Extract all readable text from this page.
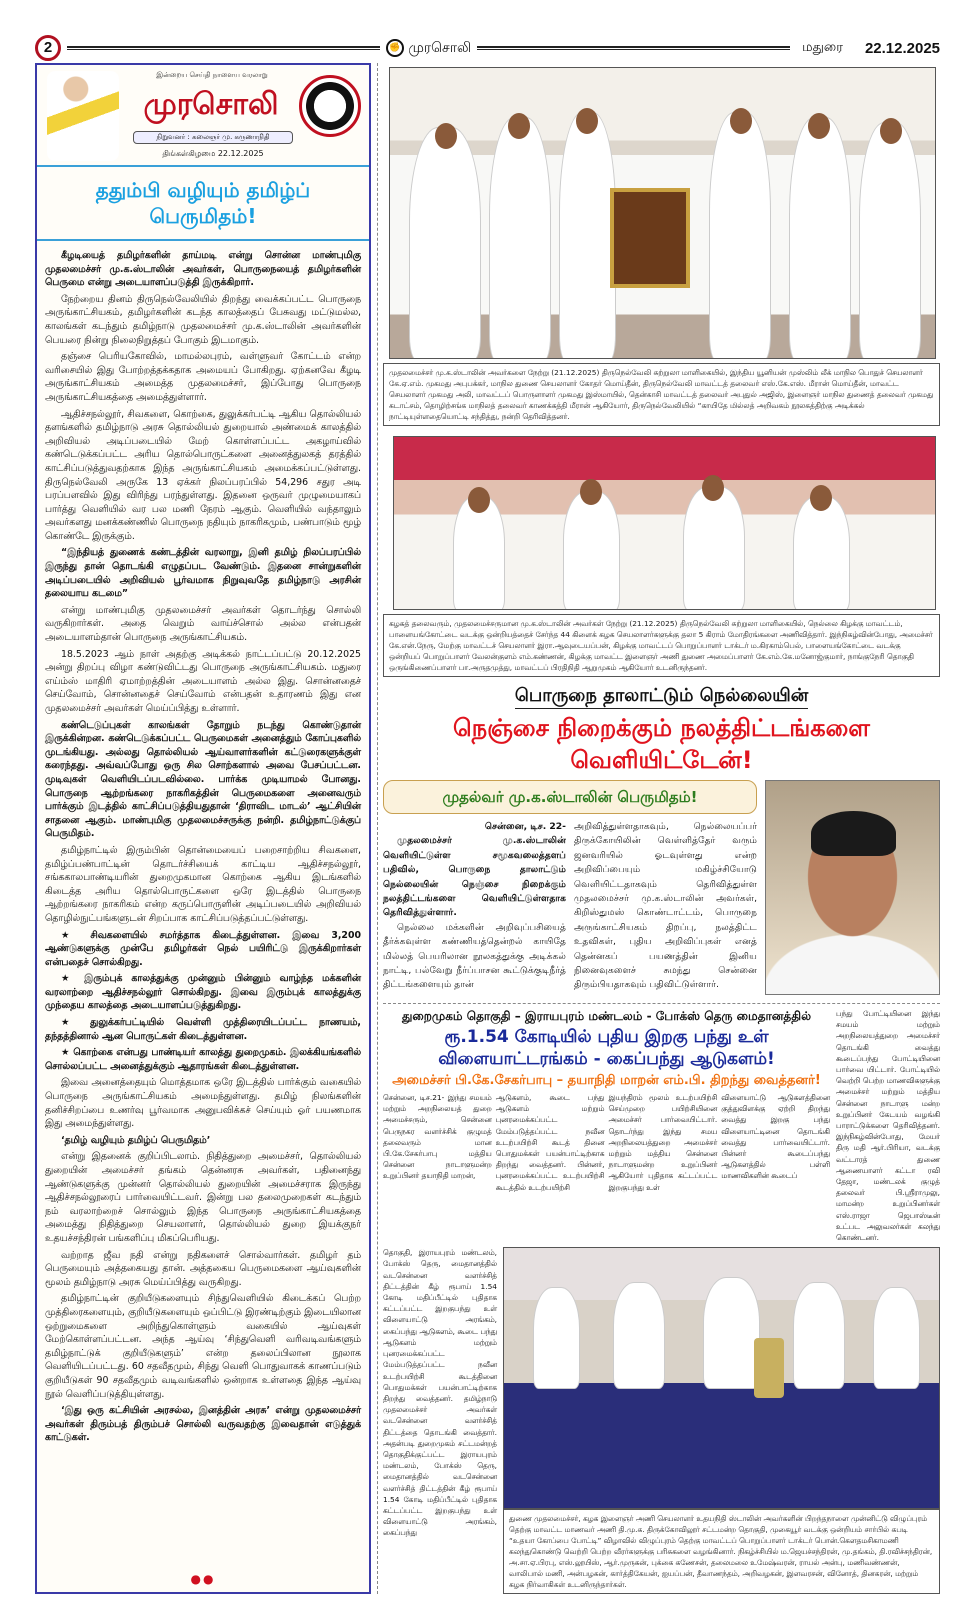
2	✊ முரசொலி	மதுரை 22.12.2025
இன்றைய செய்தி நாளைய வரலாறு
முரசொலி
நிறுவனர் : கலைஞர் மு. கருணாநிதி
திங்கள்கிழமை 22.12.2025
ததும்பி வழியும் தமிழ்ப் பெருமிதம்!

கீழடியைத் தமிழர்களின் தாய்மடி என்று சொன்ன மாண்புமிகு முதலமைச்சர் மு.க.ஸ்டாலின் அவர்கள், பொருநையைத் தமிழர்களின் பெருமை என்று அடையாளப்படுத்தி இருக்கிறார்.

நேற்றைய தினம் திருநெல்வேலியில் திறந்து வைக்கப்பட்ட பொருநை அருங்காட்சியகம், தமிழர்களின் கடந்த காலத்தைப் பேசுவது மட்டுமல்ல, காலங்கள் கடந்தும் தமிழ்நாடு முதலமைச்சர் மு.க.ஸ்டாலின் அவர்களின் பெயரை நின்று நிலைநிறுத்தப் போகும் இடமாகும்.

தஞ்சை பெரியகோவில், மாமல்லபுரம், வள்ளுவர் கோட்டம் என்ற வரிசையில் இது போற்றத்தக்கதாக அமையப் போகிறது. ஏற்கனவே கீழடி அருங்காட்சியகம் அமைத்த முதலமைச்சர், இப்போது பொருநை அருங்காட்சியகத்தை அமைத்துள்ளார்.

ஆதிச்சநல்லூர், சிவகளை, கொற்கை, துலுக்கர்பட்டி ஆகிய தொல்லியல் தளங்களில் தமிழ்நாடு அரசு தொல்லியல் துறையால் அண்மைக் காலத்தில் அறிவியல் அடிப்படையில் மேற் கொள்ளப்பட்ட அகழாய்வில் கண்டெடுக்கப்பட்ட அரிய தொல்பொருட்களை அனைத்துலகத் தரத்தில் காட்சிப்படுத்துவதற்காக இந்த அருங்காட்சியகம் அமைக்கப்பட்டுள்ளது. திருநெல்வேலி அருகே 13 ஏக்கர் நிலப்பரப்பில் 54,296 சதுர அடி பரப்பளவில் இது விரிந்து பரந்துள்ளது. இதனை ஒருவர் முழுமையாகப் பார்த்து வெளியில் வர பல மணி நேரம் ஆகும். வெளியில் வந்தாலும் அவர்களது மனக்கண்ணில் பொருநை நதியும் நாகரிகமும், பண்பாடும் மூழ் கொண்டே இருக்கும்.

“இந்தியத் துணைக் கண்டத்தின் வரலாறு, இனி தமிழ் நிலப்பரப்பில் இருந்து தான் தொடங்கி எழுதப்பட வேண்டும். இதனை சான்றுகளின் அடிப்படையில் அறிவியல் பூர்வமாக நிறுவுவதே தமிழ்நாடு அரசின் தலையாய கடமை”

என்று மாண்புமிகு முதலமைச்சர் அவர்கள் தொடர்ந்து சொல்லி வருகிறார்கள். அதை வெறும் வாய்ச்சொல் அல்ல என்பதன் அடையாளம்தான் பொருநை அருங்காட்சியகம்.

18.5.2023 ஆம் நாள் அதற்கு அடிக்கல் நாட்டப்பட்டு 20.12.2025 அன்று திறப்பு விழா கண்டுவிட்டது பொருநை அருங்காட்சியகம். மதுரை எய்ம்ஸ் மாதிரி ஏமாற்றத்தின் அடையாளம் அல்ல இது. சொன்னதைச் செய்வோம், சொன்னதைச் செய்வோம் என்பதன் உதாரணம் இது என முதலமைச்சர் அவர்கள் மெய்ப்பித்து உள்ளார்.

கண்டெடுப்புகள் காலங்கள் தோறும் நடந்து கொண்டுதான் இருக்கின்றன. கண்டெடுக்கப்பட்ட பெருமைகள் அனைத்தும் கோப்புகளில் முடங்கியது. அல்லது தொல்லியல் ஆய்வாளர்களின் கட்டுரைகளுக்குள் கரைந்தது. அவ்வப்போது ஒரு சில சொற்களால் அவை பேசப்பட்டன. முடிவுகள் வெளியிடப்படவில்லை. பார்க்க முடியாமல் போனது. பொருநை ஆற்றங்கரை நாகரிகத்தின் பெருமைகளை அனைவரும் பார்க்கும் இடத்தில் காட்சிப்படுத்தியதுதான் ‘திராவிட மாடல்’ ஆட்சியின் சாதனை ஆகும். மாண்புமிகு முதலமைச்சருக்கு நன்றி. தமிழ்நாட்டுக்குப் பெருமிதம்.

தமிழ்நாட்டில் இரும்பின் தொன்மையைப் பறைசாற்றிய சிவகளை, தமிழ்ப்பண்பாட்டின் தொடர்ச்சியைக் காட்டிய ஆதிச்சநல்லூர், சங்ககாலபாண்டியரின் துறைமுகமான கொற்கை ஆகிய இடங்களில் கிடைத்த அரிய தொல்பொருட்களை ஒரே இடத்தில் பொருநை ஆற்றங்கரை நாகரிகம் என்ற கருப்பொருளின் அடிப்படையில் அறிவியல் தொழில்நுட்பங்களுடன் சிறப்பாக காட்சிப்படுத்தப்பட்டுள்ளது.

★ சிவகளையில் சமர்த்தாக கிடைத்துள்ளன. இவை 3,200 ஆண்டுகளுக்கு முன்பே தமிழர்கள் நெல் பயிரிட்டு இருக்கிறார்கள் என்பதைச் சொல்கிறது.

★ இரும்புக் காலத்துக்கு முன்னும் பின்னும் வாழ்ந்த மக்களின் வரலாற்றை ஆதிச்சநல்லூர் சொல்கிறது. இவை இரும்புக் காலத்துக்கு முந்தைய காலத்தை அடையாளப்படுத்துகிறது.

★ துலுக்கர்பட்டியில் வெள்ளி முத்திரையிடப்பட்ட நாணயம், தந்தத்தினால் ஆன பொருட்கள் கிடைத்துள்ளன.

★ கொற்கை என்பது பாண்டியர் காலத்து துறைமுகம். இலக்கியங்களில் சொல்லப்பட்ட அனைத்துக்கும் ஆதாரங்கள் கிடைத்துள்ளன.

இவை அனைத்தையும் மொத்தமாக ஒரே இடத்தில் பார்க்கும் வகையில் பொருநை அருங்காட்சியகம் அமைந்துள்ளது. தமிழ் நிலங்களின் தனிச்சிறப்பை உணர்வு பூர்வமாக அனுபவிக்கச் செய்யும் ஓர் பயணமாக இது அமைந்துள்ளது.

‘தமிழ் வழியும் தமிழ்ப் பெருமிதம்’

என்று இதனைக் குறிப்பிடலாம். நிதித்துறை அமைச்சர், தொல்லியல் துறையின் அமைச்சர் தங்கம் தென்னரசு அவர்கள், பதினைந்து ஆண்டுகளுக்கு முன்னர் தொல்லியல் துறையின் அமைச்சராக இருந்து ஆதிச்சநல்லூரைப் பார்வையிட்டவர். இன்று பல தலைமுறைகள் கடந்தும் நம் வரலாற்றைச் சொல்லும் இந்த பொருநை அருங்காட்சியகத்தை அமைத்து நிதித்துறை செயலாளர், தொல்லியல் துறை இயக்குநர் உதயச்சந்திரன் பங்களிப்பு மிகப்பெரியது.

வற்றாத ஜீவ நதி என்று நதிகளைச் சொல்வார்கள். தமிழர் தம் பெருமையும் அத்தகையது தான். அத்தகைய பெருமைகளை ஆய்வுகளின் மூலம் தமிழ்நாடு அரசு மெய்ப்பித்து வருகிறது.

தமிழ்நாட்டின் குறியீடுகளையும் சிந்துவெளியில் கிடைக்கப் பெற்ற முத்திரைகளையும், குறியீடுகளையும் ஒப்பிட்டு இரண்டிற்கும் இடையிலான ஒற்றுமைகளை அறிந்துகொள்ளும் வகையில் ஆய்வுகள் மேற்கொள்ளப்பட்டன. அந்த ஆய்வு ‘சிந்துவெளி வரிவடிவங்களும் தமிழ்நாட்டுக் குறியீடுகளும்’ என்ற தலைப்பிலான நூலாக வெளியிடப்பட்டது. 60 சதவீதமும், சிந்து வெளி பொதுவாகக் காணப்படும் குறியீடுகள் 90 சதவீதமும் வடிவங்களில் ஒன்றாக உள்ளதை இந்த ஆய்வு நூல் வெளிப்படுத்தியுள்ளது.

‘இது ஒரு கட்சியின் அரசல்ல, இனத்தின் அரசு’ என்று முதலமைச்சர் அவர்கள் திரும்பத் திரும்பச் சொல்லி வருவதற்கு இவைதான் எடுத்துக் காட்டுகள்.

●●
முதலமைச்சர் மு.க.ஸ்டாலின் அவர்களை நேற்று (21.12.2025) திருநெல்வேலி சுற்றுலா மாளிகையில், இந்திய யூனியன் முஸ்லிம் லீக் மாநில பொதுச் செயலாளர் கே.ஏ.எம். முகமது அபுபக்கர், மாநில துணை செயலாளர் கோதர் மொய்தீன், திருநெல்வேலி மாவட்டத் தலைவர் எஸ்.கே.எஸ். மீரான் மொய்தீன், மாவட்ட செயலாளர் முகமது அலி, மாவட்டப் பொருளாளர் முகமது இஸ்மாயில், தென்காசி மாவட்டத் தலைவர் அபுதுல் அஜிஸ், இளைஞர் மாநில துணைத் தலைவர் முகமது கடாட்சம், தொழிற்சங்க மாநிலத் தலைவர் காணக்கத்தி மீரான் ஆகியோர், திருநெல்வேலியில் “காயிதே மில்லத் அறிவகம் நூலகத்திற்கு அடிக்கல் நாட்டியுள்ளதையொட்டி சந்தித்து, நன்றி தெரிவித்தனர்.
கழகத் தலைவரும், முதலமைச்சருமான மு.க.ஸ்டாலின் அவர்கள் நேற்று (21.12.2025) திருநெல்வேலி சுற்றுலா மாளிகையில், நெல்லை கிழக்கு மாவட்டம், பாளையங்கோட்டை வடக்கு ஒன்றியத்தைச் சேர்ந்த 44 கிளைக் கழக செயலாளர்களுக்கு தலா 5 கிராம் மோதிரங்களை அணிவித்தார். இந்நிகழ்வின்போது, அமைச்சர் கே.என்.நேரு, மேற்கு மாவட்டச் செயலாளர் இரா.ஆவுடையப்பன், கிழக்கு மாவட்டப் பொறுப்பாளர் டாக்டர் ம.கிரகாம்பெல், பாளையங்கோட்டை வடக்கு ஒன்றியப் பொறுப்பாளர் வேலன்குளம் எம்.கண்ணன், கிழக்கு மாவட்ட இளைஞர் அணி துணை அமைப்பாளர் கே.எம்.கே.மனோஜ்குமார், நாங்குநேரி தொகுதி ஒருங்கிணைப்பாளர் பா.அருதமுத்து, மாவட்டப் பிரதிநிதி ஆறுமுகம் ஆகியோர் உடனிருந்தனர்.
பொருநை தாலாட்டும் நெல்லையின்
நெஞ்சை நிறைக்கும் நலத்திட்டங்களை வெளியிட்டேன்!
முதல்வர் மு.க.ஸ்டாலின் பெருமிதம்!
சென்னை, டிச. 22-

முதலமைச்சர் மு.க.ஸ்டாலின் வெளியிட்டுள்ள சமூகவலைத்தளப் பதிவில், பொருநை தாலாட்டும் நெல்லையின் நெஞ்சை நிறைக்கும் நலத்திட்டங்களை வெளியிட்டுள்ளதாக தெரிவித்துள்ளார்.

நெல்லை மக்களின் அறிவுப்பசியைத் தீர்க்கவுள்ள கண்ணியத்தென்றல் காயிதே மில்லத் பெயரிலான நூலகத்துக்கு அடிக்கல் நாட்டி, பல்வேறு நீர்ப்பாசன கூட்டுக்குடிநீர்த் திட்டங்களையும் தான்

அறிவித்துள்ளதாகவும், நெல்லையப்பர் திருக்கோயிலின் வெள்ளித்தேர் வரும் ஜனவரியில் ஓடவுள்ளது என்ற அறிவிப்பையும் மகிழ்ச்சியோடு வெளியிட்டதாகவும் தெரிவித்துள்ள முதலமைச்சர் மு.க.ஸ்டாலின் அவர்கள், கிறிஸ்துமஸ் கொண்டாட்டம், பொருநை அருங்காட்சியகம் திறப்பு, நலத்திட்ட உதவிகள், புதிய அறிவிப்புகள் எனத் தென்னகப் பயணத்தின் இனிய நினைவுகளைச் சுமந்து சென்னை திரும்பியதாகவும் பதிவிட்டுள்ளார்.
துறைமுகம் தொகுதி – இராயபுரம் மண்டலம் - போக்ஸ் தெரு மைதானத்தில்
ரூ.1.54 கோடியில் புதிய இறகு பந்து உள் விளையாட்டரங்கம் - கைப்பந்து ஆடுகளம்!
அமைச்சர் பி.கே.சேகர்பாபு – தயாநிதி மாறன் எம்.பி. திறந்து வைத்தனர்!
சென்னை, டிச.21- இந்து சமயம் மற்றும் அறநிலையத் துறை அமைச்சரும், சென்னை பெருநகர வளர்ச்சிக் குழுமத் தலைவரும் மான பி.கே.சேகர்பாபு மத்திய சென்னை நாடாளுமன்ற உறுப்பினர் தயாநிதி மாறன்,
ஆடுகளம், கூடை பந்து ஆடுகளம் மற்றும் புனரமைக்கப்பட்ட மேம்படுத்தப்பட்ட நவீன உடற்பயிற்சி கூடத் தினை பொதுமக்கள் பயன்பாட்டிற்காக திறந்து வைத்தனர். பின்னர், புனரமைக்கப்பட்ட உடற்பயிற்சி கூடத்தில் உடற்பயிற்சி
இயந்திரம் மூலம் உடற்பயிற்சி செய்முறை பயிற்சியினை அமைச்சர் பார்வையிட்டார். தொடர்ந்து இந்து சமய அறநிலையத்துறை அமைச்சர் மற்றும் மத்திய சென்னை நாடாளுமன்ற உறுப்பினர் ஆகியோர் புதிதாக கட்டப்பட்ட இறகுபந்து உள்
விளையாட்டு ஆடுகளத்தினை குத்துவிளக்கு ஏற்றி திறந்து வைத்து இறகு பந்து விளையாட்டினை தொடங்கி வைத்து பார்வையிட்டார். பின்னர் கூடைப்பந்து ஆடுகளத்தில் பள்ளி மாணவிகளின் கூடைப்
பந்து போட்டியினை இந்து சமயம் மற்றும் அறநிலையத்துறை அமைச்சர் தொடங்கி வைத்து கூடைப்பந்து போட்டியினை பார்வை யிட்டார். போட்டியில் வெற்றி பெற்ற மாணவிகளுக்கு அமைச்சர் மற்றும் மத்திய சென்னை நாடாளு மன்ற உறுப்பினர் கேடயம் வழங்கி பாராட்டுக்களை தெரிவித்தனர். இந்நிகழ்வின்போது, மேயர் திரு மதி ஆர்.பிரியா, வடக்கு வட்டாரத் துணை ஆணையாளர் கட்டா ரவி தேஜா, மண்டலக் குழுத் தலைவர் பி.ஸ்ரீராமுலு, மாமன்ற உறுப்பினர்கள் எஸ்.ராஜா ஜெபாஸ்டீன் உட்பட அலுவலர்கள் கலந்து கொண்டனர்.
தொகுதி, இராயபுரம் மண்டலம், போக்ஸ் தெரு, மைதானத்தில் வடசென்னை வளர்ச்சித் திட்டத்தின் கீழ் ரூபாய் 1.54 கோடி மதிப்பீட்டில் புதிதாக கட்டப்பட்ட இறகுபந்து உள் விளையாட்டு அரங்கம், கைப்பந்து ஆடுகளம், கூடை பந்து ஆடுகளம் மற்றும் புனரமைக்கப்பட்ட மேம்படுத்தப்பட்ட நவீன உடற்பயிற்சி கூடத்தினை பொதுமக்கள் பயன்பாட்டிற்காக திறந்து வைத்தனர். தமிழ்நாடு முதலமைச்சர் அவர்கள் வடசென்னை வளர்ச்சித் திட்டத்தை தொடங்கி வைத்தார். அதன்படி துறைமுகம் சட்டமன்றத் தொகுதிக்குட்பட்ட இராயபுரம் மண்டலம், போக்ஸ் தெரு, மைதானத்தில் வடசென்னை வளர்ச்சித் திட்டத்தின் கீழ் ரூபாய் 1.54 கோடி மதிப்பீட்டில் புதிதாக கட்டப்பட்ட இறகுபந்து உள் விளையாட்டு அரங்கம், கைப்பந்து
துணை முதலமைச்சர், கழக இளைஞர் அணி செயலாளர் உதயநிதி ஸ்டாலின் அவர்களின் பிறந்தநாளை முன்னிட்டு விழுப்புரம் தெற்கு மாவட்ட மாணவர் அணி தி.மு.க. திருக்கோவிலூர் சட்டமன்ற தொகுதி, முகையூர் வடக்கு ஒன்றியம் சார்பில் கபடி “உதயா கோப்பை போட்டி” விழாவில் விழுப்புரம் தெற்கு மாவட்டப் பொறுப்பாளர் டாக்டர் பொன்.கௌதமசிகாமணி கலந்துகொண்டு வெற்றி பெற்ற வீரர்களுக்கு பரிசுகளை வழங்கினார். நிகழ்ச்சியில் ம.ஜெயச்சந்திரன், மு.தங்கம், தி.ரவிச்சந்திரன், அ.சா.ஏ.பிரபு, எஸ்.லூயிஸ், ஆர்.முருகன், புக்கை கணேசன், தலைமலை உமேஷ்வரன், ராயல் அன்பு, மணிவண்ணன், வாலிபால் மணி, அன்பழகன், கார்த்திகேயன், ஐயப்பன், தீவாணந்தம், அறிவழகன், இளவரசன், வினோத், தினகரன், மற்றும் கழக நிர்வாகிகள் உடனிருந்தார்கள்.
